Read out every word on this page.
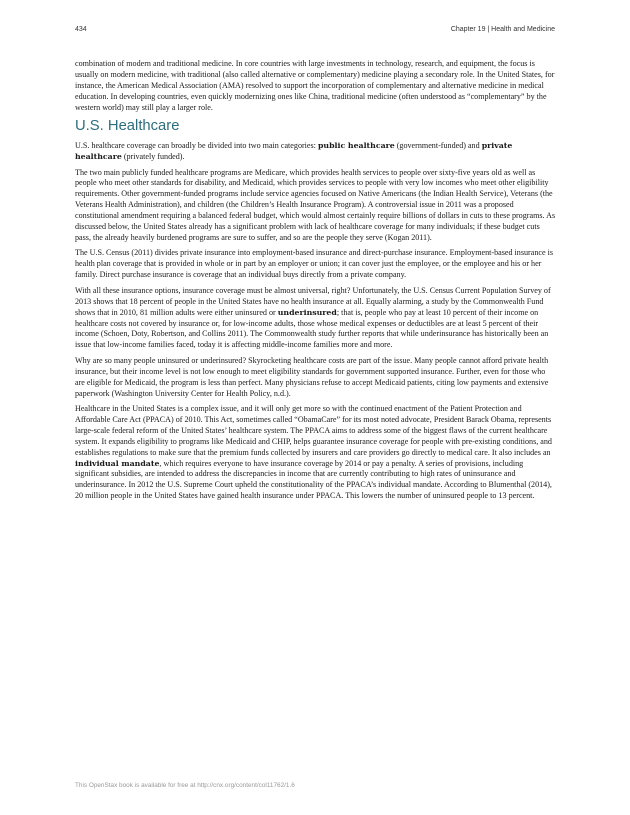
434	Chapter 19 | Health and Medicine

combination of modern and traditional medicine. In core countries with large investments in technology, research, and equipment, the focus is usually on modern medicine, with traditional (also called alternative or complementary) medicine playing a secondary role. In the United States, for instance, the American Medical Association (AMA) resolved to support the incorporation of complementary and alternative medicine in medical education. In developing countries, even quickly modernizing ones like China, traditional medicine (often understood as “complementary” by the western world) may still play a larger role.

U.S. Healthcare

U.S. healthcare coverage can broadly be divided into two main categories: public healthcare (government-funded) and private healthcare (privately funded).

The two main publicly funded healthcare programs are Medicare, which provides health services to people over sixty-five years old as well as people who meet other standards for disability, and Medicaid, which provides services to people with very low incomes who meet other eligibility requirements. Other government-funded programs include service agencies focused on Native Americans (the Indian Health Service), Veterans (the Veterans Health Administration), and children (the Children’s Health Insurance Program). A controversial issue in 2011 was a proposed constitutional amendment requiring a balanced federal budget, which would almost certainly require billions of dollars in cuts to these programs. As discussed below, the United States already has a significant problem with lack of healthcare coverage for many individuals; if these budget cuts pass, the already heavily burdened programs are sure to suffer, and so are the people they serve (Kogan 2011).

The U.S. Census (2011) divides private insurance into employment-based insurance and direct-purchase insurance. Employment-based insurance is health plan coverage that is provided in whole or in part by an employer or union; it can cover just the employee, or the employee and his or her family. Direct purchase insurance is coverage that an individual buys directly from a private company.

With all these insurance options, insurance coverage must be almost universal, right? Unfortunately, the U.S. Census Current Population Survey of 2013 shows that 18 percent of people in the United States have no health insurance at all. Equally alarming, a study by the Commonwealth Fund shows that in 2010, 81 million adults were either uninsured or underinsured; that is, people who pay at least 10 percent of their income on healthcare costs not covered by insurance or, for low-income adults, those whose medical expenses or deductibles are at least 5 percent of their income (Schoen, Doty, Robertson, and Collins 2011). The Commonwealth study further reports that while underinsurance has historically been an issue that low-income families faced, today it is affecting middle-income families more and more.

Why are so many people uninsured or underinsured? Skyrocketing healthcare costs are part of the issue. Many people cannot afford private health insurance, but their income level is not low enough to meet eligibility standards for government supported insurance. Further, even for those who are eligible for Medicaid, the program is less than perfect. Many physicians refuse to accept Medicaid patients, citing low payments and extensive paperwork (Washington University Center for Health Policy, n.d.).

Healthcare in the United States is a complex issue, and it will only get more so with the continued enactment of the Patient Protection and Affordable Care Act (PPACA) of 2010. This Act, sometimes called “ObamaCare” for its most noted advocate, President Barack Obama, represents large-scale federal reform of the United States’ healthcare system. The PPACA aims to address some of the biggest flaws of the current healthcare system. It expands eligibility to programs like Medicaid and CHIP, helps guarantee insurance coverage for people with pre-existing conditions, and establishes regulations to make sure that the premium funds collected by insurers and care providers go directly to medical care. It also includes an individual mandate, which requires everyone to have insurance coverage by 2014 or pay a penalty. A series of provisions, including significant subsidies, are intended to address the discrepancies in income that are currently contributing to high rates of uninsurance and underinsurance. In 2012 the U.S. Supreme Court upheld the constitutionality of the PPACA’s individual mandate. According to Blumenthal (2014), 20 million people in the United States have gained health insurance under PPACA. This lowers the number of uninsured people to 13 percent.

This OpenStax book is available for free at http://cnx.org/content/col11762/1.6
